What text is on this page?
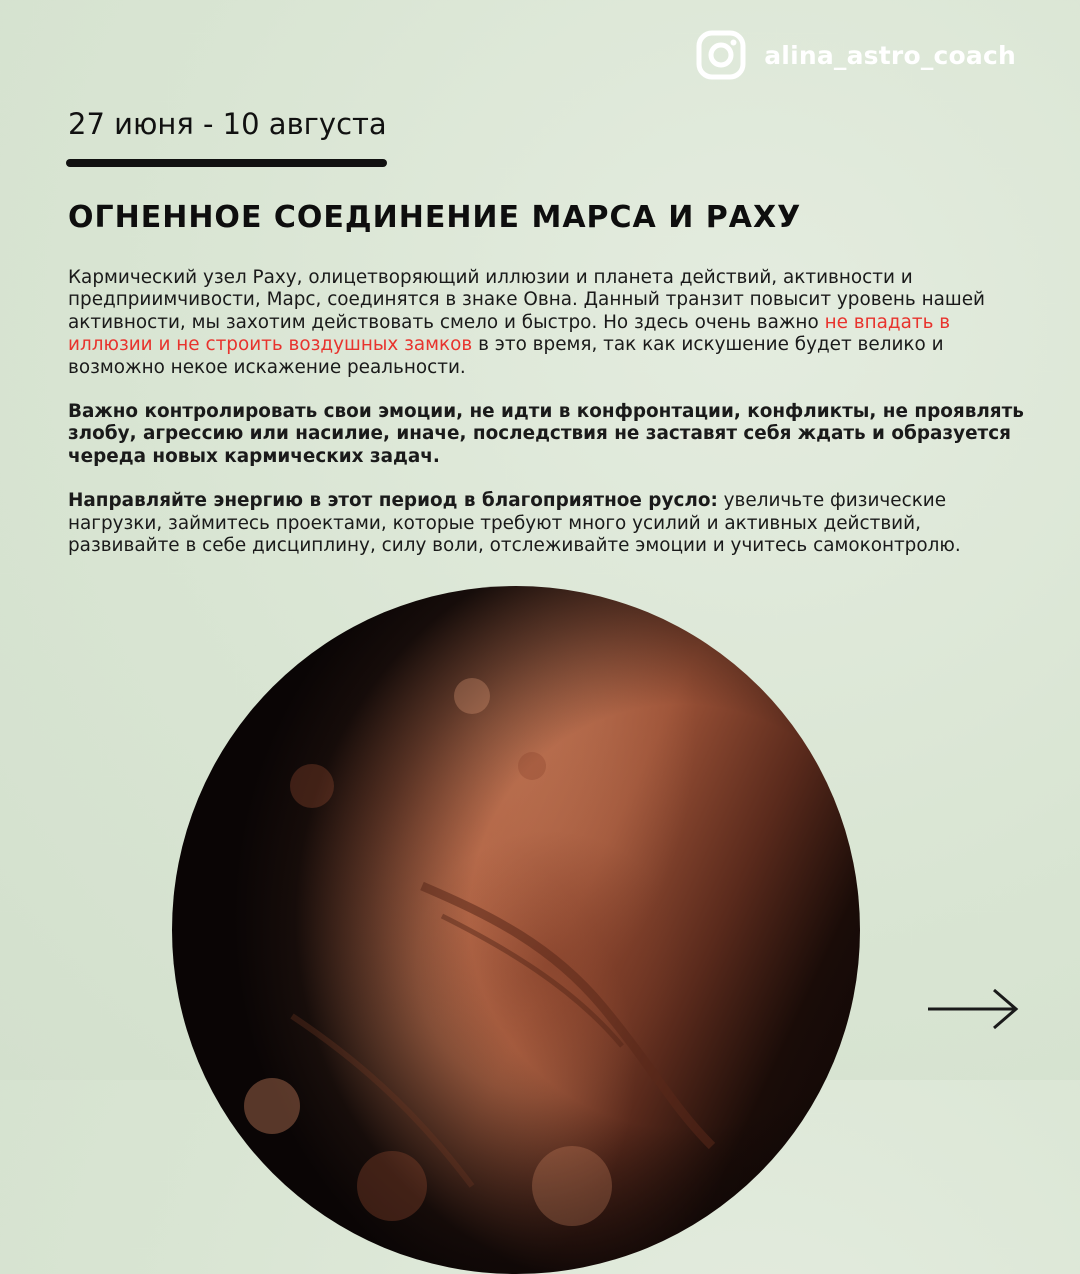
alina_astro_coach
27 июня - 10 августа
ОГНЕННОЕ СОЕДИНЕНИЕ МАРСА И РАХУ

Кармический узел Раху, олицетворяющий иллюзии и планета действий, активности и предприимчивости, Марс, соединятся в знаке Овна. Данный транзит повысит уровень нашей активности, мы захотим действовать смело и быстро. Но здесь очень важно не впадать в иллюзии и не строить воздушных замков в это время, так как искушение будет велико и возможно некое искажение реальности.

Важно контролировать свои эмоции, не идти в конфронтации, конфликты, не проявлять злобу, агрессию или насилие, иначе, последствия не заставят себя ждать и образуется череда новых кармических задач.

Направляйте энергию в этот период в благоприятное русло: увеличьте физические нагрузки, займитесь проектами, которые требуют много усилий и активных действий, развивайте в себе дисциплину, силу воли, отслеживайте эмоции и учитесь самоконтролю.
